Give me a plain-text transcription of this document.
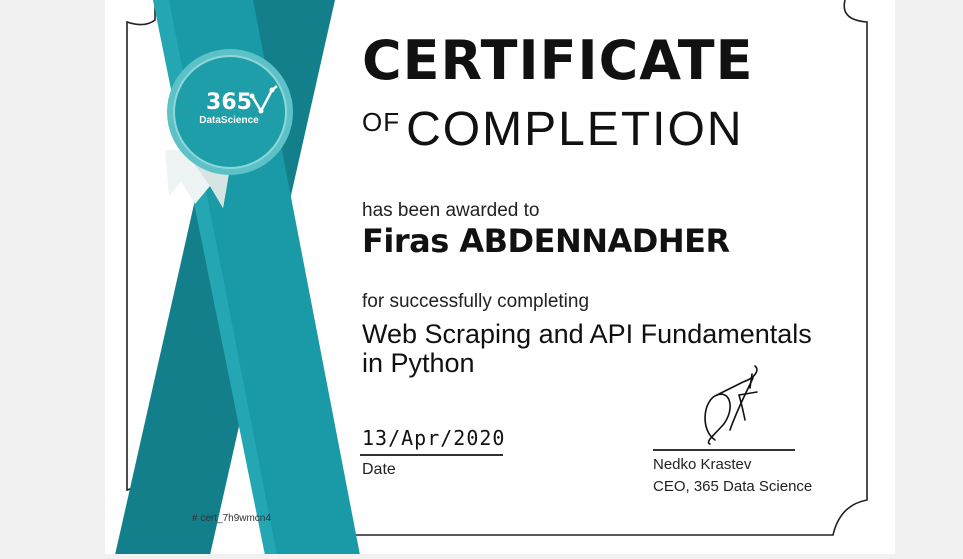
365
DataScience
CERTIFICATE
OF COMPLETION
has been awarded to
Firas ABDENNADHER
for successfully completing
Web Scraping and API Fundamentals
in Python
13/Apr/2020
Date	Nedko Krastev
CEO, 365 Data Science
# cert_7h9wmcn4
